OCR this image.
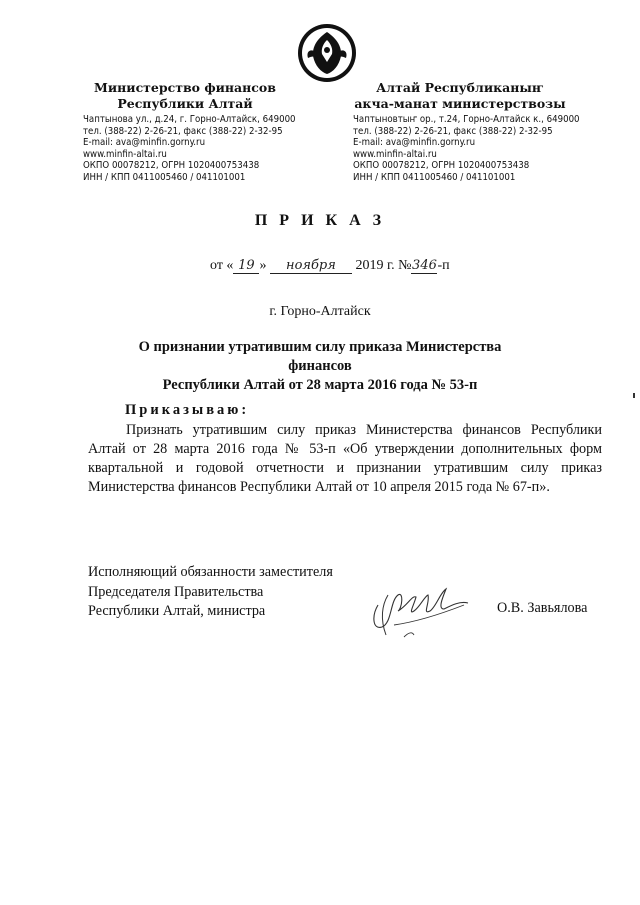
Министерство финансов
Республики Алтай
Чаптынова ул., д.24, г. Горно-Алтайск, 649000
тел. (388-22) 2-26-21, факс (388-22) 2-32-95
E-mail: ava@minfin.gorny.ru
www.minfin-altai.ru
ОКПО 00078212, ОГРН 1020400753438
ИНН / КПП 0411005460 / 041101001
Алтай Республиканыҥ
акча-манат министерствозы
Чаптыновтыҥ ор., т.24, Горно-Алтайск к., 649000
тел. (388-22) 2-26-21, факс (388-22) 2-32-95
E-mail: ava@minfin.gorny.ru
www.minfin-altai.ru
ОКПО 00078212, ОГРН 1020400753438
ИНН / КПП 0411005460 / 041101001
П Р И К А З
от « 19 » ноября 2019 г. №346-п
г. Горно-Алтайск
О признании утратившим силу приказа Министерства финансов
Республики Алтай от 28 марта 2016 года № 53-п
Приказываю:
Признать утратившим силу приказ Министерства финансов Республики Алтай от 28 марта 2016 года № 53-п «Об утверждении дополнительных форм квартальной и годовой отчетности и признании утратившим силу приказ Министерства финансов Республики Алтай от 10 апреля 2015 года № 67-п».
Исполняющий обязанности заместителя
Председателя Правительства
Республики Алтай, министра	О.В. Завьялова
